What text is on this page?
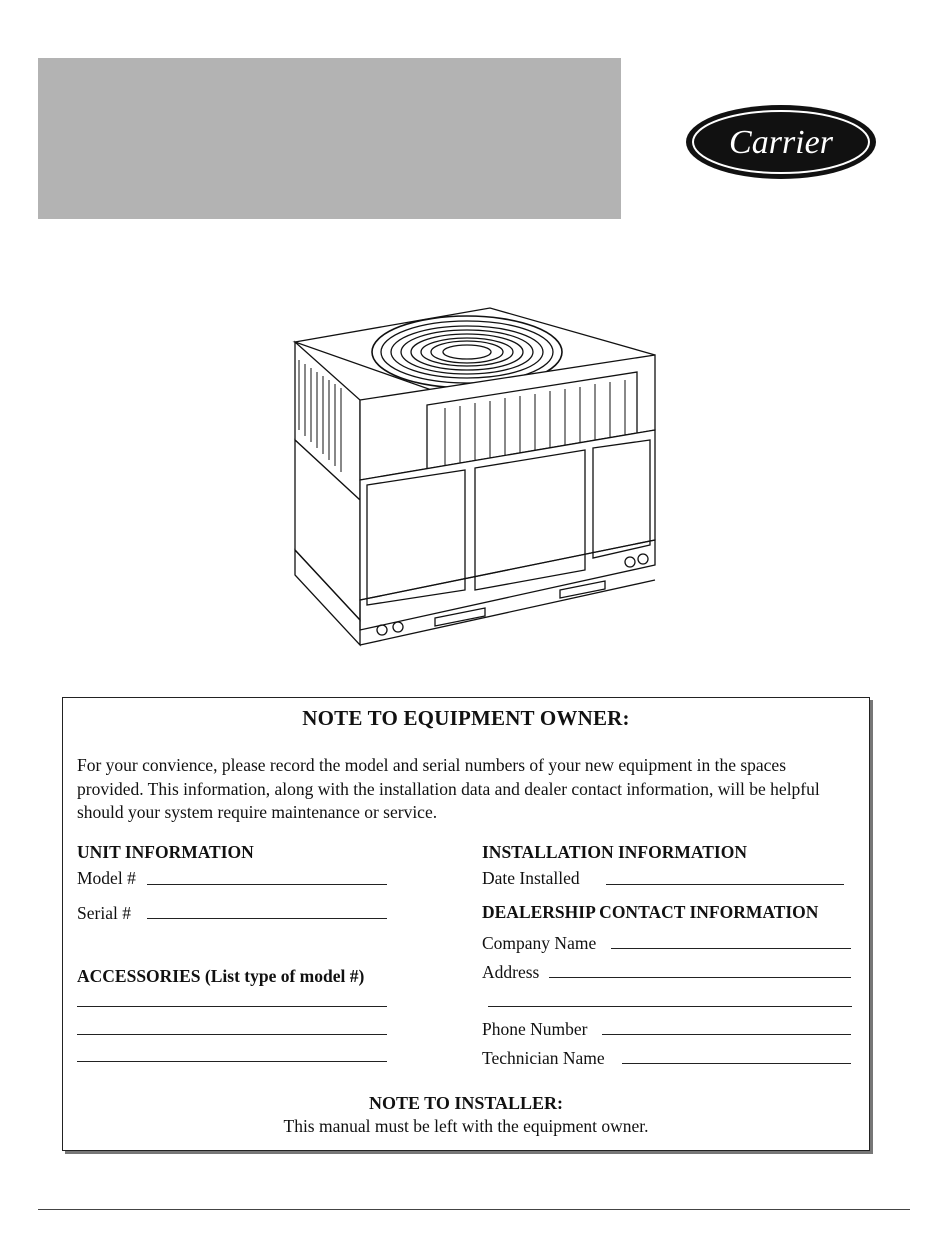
Carrier
NOTE TO EQUIPMENT OWNER:
For your convience, please record the model and serial numbers of your new equipment in the spaces provided. This information, along with the installation data and dealer contact information, will be helpful should your system require maintenance or service.
UNIT INFORMATION
Model #
Serial #
ACCESSORIES (List type of model #)
INSTALLATION INFORMATION
Date Installed
DEALERSHIP CONTACT INFORMATION
Company Name
Address
Phone Number
Technician Name
NOTE TO INSTALLER:
This manual must be left with the equipment owner.
